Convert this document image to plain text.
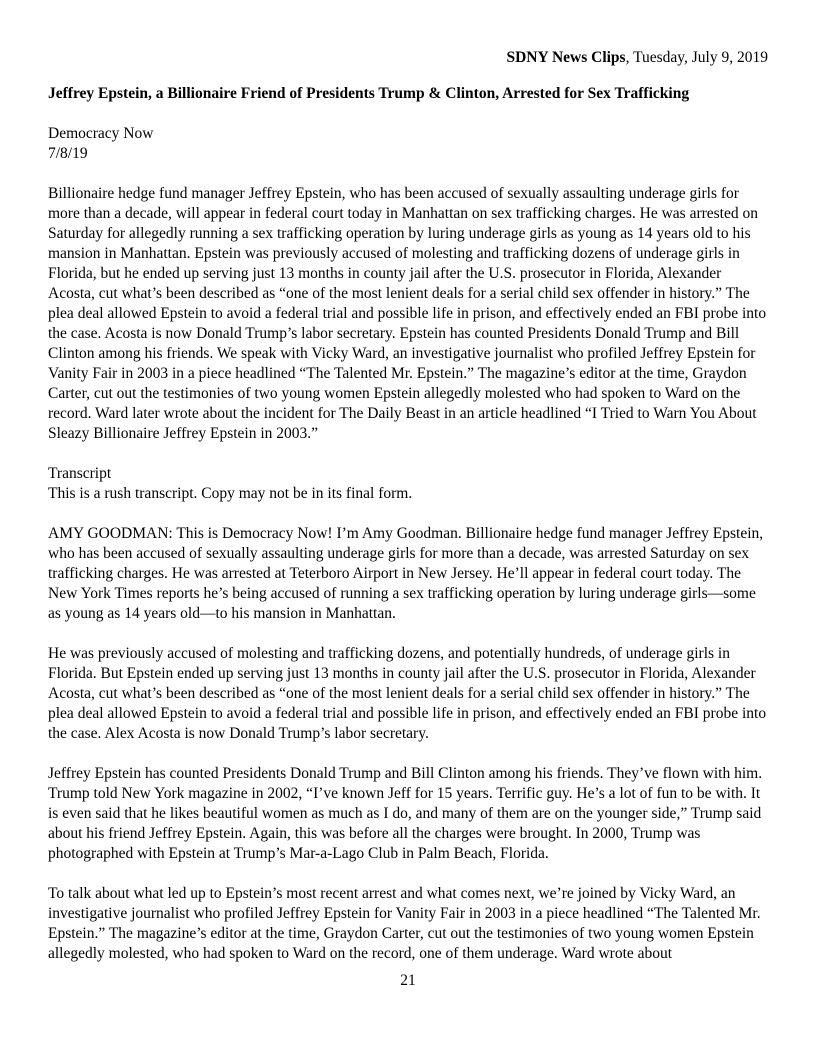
SDNY News Clips, Tuesday, July 9, 2019

Jeffrey Epstein, a Billionaire Friend of Presidents Trump & Clinton, Arrested for Sex Trafficking

Democracy Now

7/8/19

Billionaire hedge fund manager Jeffrey Epstein, who has been accused of sexually assaulting underage girls for more than a decade, will appear in federal court today in Manhattan on sex trafficking charges. He was arrested on Saturday for allegedly running a sex trafficking operation by luring underage girls as young as 14 years old to his mansion in Manhattan. Epstein was previously accused of molesting and trafficking dozens of underage girls in Florida, but he ended up serving just 13 months in county jail after the U.S. prosecutor in Florida, Alexander Acosta, cut what’s been described as “one of the most lenient deals for a serial child sex offender in history.” The plea deal allowed Epstein to avoid a federal trial and possible life in prison, and effectively ended an FBI probe into the case. Acosta is now Donald Trump’s labor secretary. Epstein has counted Presidents Donald Trump and Bill Clinton among his friends. We speak with Vicky Ward, an investigative journalist who profiled Jeffrey Epstein for Vanity Fair in 2003 in a piece headlined “The Talented Mr. Epstein.” The magazine’s editor at the time, Graydon Carter, cut out the testimonies of two young women Epstein allegedly molested who had spoken to Ward on the record. Ward later wrote about the incident for The Daily Beast in an article headlined “I Tried to Warn You About Sleazy Billionaire Jeffrey Epstein in 2003.”

Transcript

This is a rush transcript. Copy may not be in its final form.

AMY GOODMAN: This is Democracy Now! I’m Amy Goodman. Billionaire hedge fund manager Jeffrey Epstein, who has been accused of sexually assaulting underage girls for more than a decade, was arrested Saturday on sex trafficking charges. He was arrested at Teterboro Airport in New Jersey. He’ll appear in federal court today. The New York Times reports he’s being accused of running a sex trafficking operation by luring underage girls—some as young as 14 years old—to his mansion in Manhattan.

He was previously accused of molesting and trafficking dozens, and potentially hundreds, of underage girls in Florida. But Epstein ended up serving just 13 months in county jail after the U.S. prosecutor in Florida, Alexander Acosta, cut what’s been described as “one of the most lenient deals for a serial child sex offender in history.” The plea deal allowed Epstein to avoid a federal trial and possible life in prison, and effectively ended an FBI probe into the case. Alex Acosta is now Donald Trump’s labor secretary.

Jeffrey Epstein has counted Presidents Donald Trump and Bill Clinton among his friends. They’ve flown with him. Trump told New York magazine in 2002, “I’ve known Jeff for 15 years. Terrific guy. He’s a lot of fun to be with. It is even said that he likes beautiful women as much as I do, and many of them are on the younger side,” Trump said about his friend Jeffrey Epstein. Again, this was before all the charges were brought. In 2000, Trump was photographed with Epstein at Trump’s Mar-a-Lago Club in Palm Beach, Florida.

To talk about what led up to Epstein’s most recent arrest and what comes next, we’re joined by Vicky Ward, an investigative journalist who profiled Jeffrey Epstein for Vanity Fair in 2003 in a piece headlined “The Talented Mr. Epstein.” The magazine’s editor at the time, Graydon Carter, cut out the testimonies of two young women Epstein allegedly molested, who had spoken to Ward on the record, one of them underage. Ward wrote about

21
